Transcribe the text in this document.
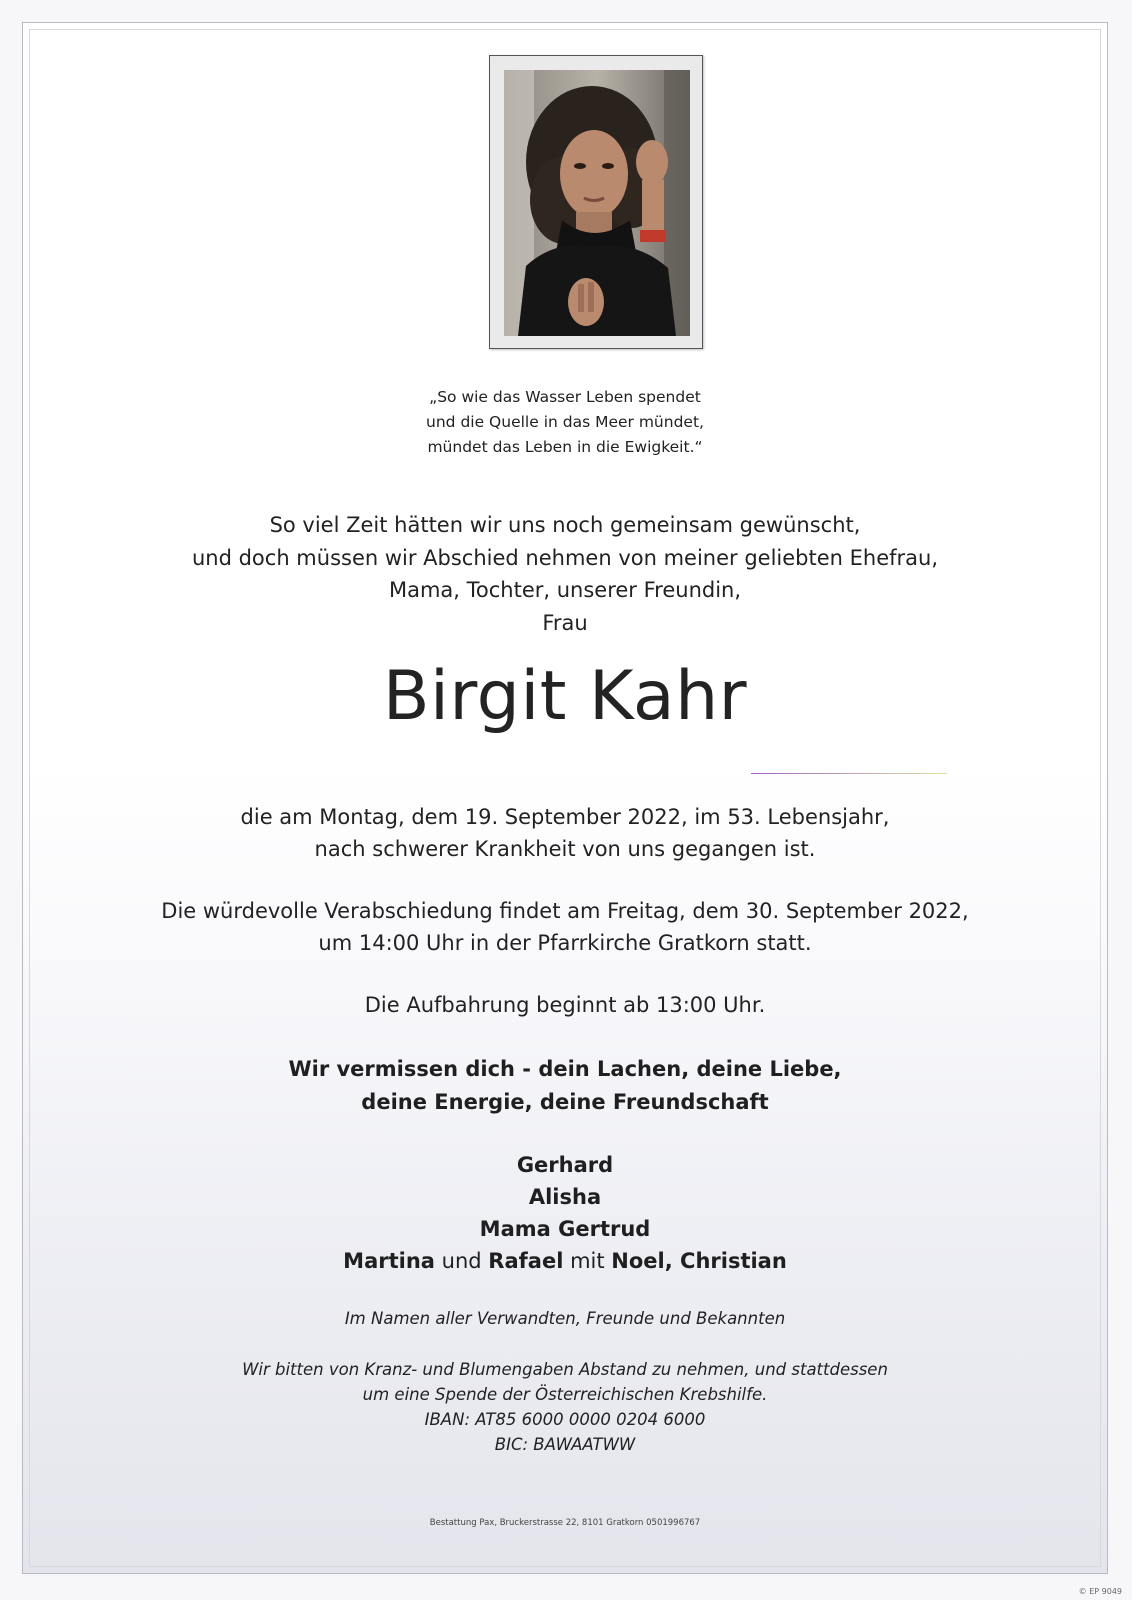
„So wie das Wasser Leben spendet
und die Quelle in das Meer mündet,
mündet das Leben in die Ewigkeit.“
So viel Zeit hätten wir uns noch gemeinsam gewünscht,
und doch müssen wir Abschied nehmen von meiner geliebten Ehefrau,
Mama, Tochter, unserer Freundin,
Frau
Birgit Kahr
die am Montag, dem 19. September 2022, im 53. Lebensjahr,
nach schwerer Krankheit von uns gegangen ist.
Die würdevolle Verabschiedung findet am Freitag, dem 30. September 2022,
um 14:00 Uhr in der Pfarrkirche Gratkorn statt.
Die Aufbahrung beginnt ab 13:00 Uhr.
Wir vermissen dich - dein Lachen, deine Liebe,
deine Energie, deine Freundschaft
Gerhard
Alisha
Mama Gertrud
Martina und Rafael mit Noel, Christian
Im Namen aller Verwandten, Freunde und Bekannten
Wir bitten von Kranz- und Blumengaben Abstand zu nehmen, und stattdessen
um eine Spende der Österreichischen Krebshilfe.
IBAN: AT85 6000 0000 0204 6000
BIC: BAWAATWW
Bestattung Pax, Bruckerstrasse 22, 8101 Gratkorn 0501996767
© EP 9049
